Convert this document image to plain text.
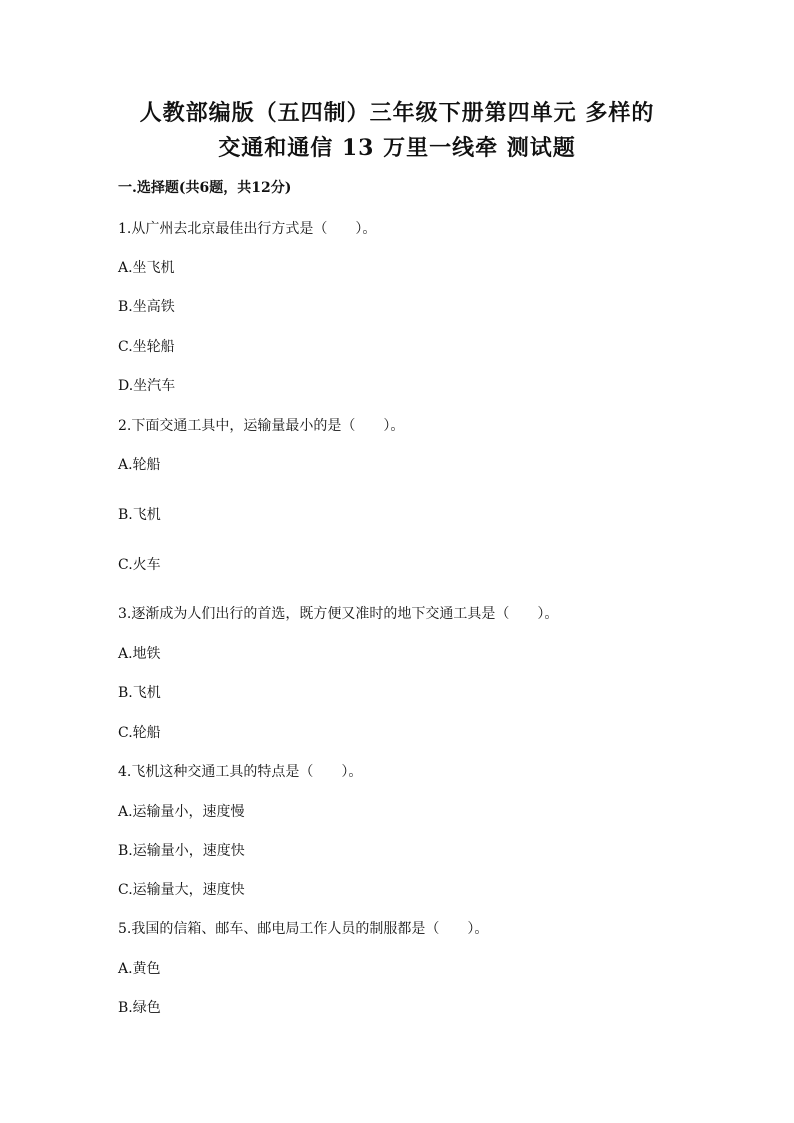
人教部编版（五四制）三年级下册第四单元 多样的
交通和通信 13 万里一线牵 测试题
一.选择题(共6题，共12分)
1.从广州去北京最佳出行方式是（　　）。
A.坐飞机
B.坐高铁
C.坐轮船
D.坐汽车
2.下面交通工具中，运输量最小的是（　　）。
A.轮船
B.飞机
C.火车
3.逐渐成为人们出行的首选，既方便又准时的地下交通工具是（　　）。
A.地铁
B.飞机
C.轮船
4.飞机这种交通工具的特点是（　　）。
A.运输量小，速度慢
B.运输量小，速度快
C.运输量大，速度快
5.我国的信箱、邮车、邮电局工作人员的制服都是（　　）。
A.黄色
B.绿色
